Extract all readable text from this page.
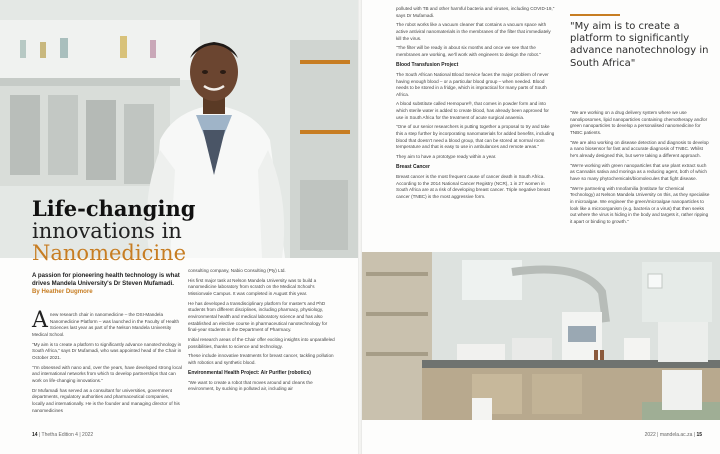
Life-changing
innovations in
Nanomedicine
A passion for pioneering health technology is what drives Mandela University's Dr Steven Mufamadi. By Heather Dugmore

A new research chair in nanomedicine – the DSI-Mandela Nanomedicine Platform – was launched in the Faculty of Health Sciences last year as part of the Nelson Mandela University Medical School.

"My aim is to create a platform to significantly advance nanotechnology in South Africa," says Dr Mufamadi, who was appointed head of the Chair in October 2021.

"I'm obsessed with nano and, over the years, have developed strong local and international networks from which to develop partnerships that can work on life-changing innovations."

Dr Mufamadi has served as a consultant for universities, government departments, regulatory authorities and pharmaceutical companies, locally and internationally. He is the founder and managing director of his nanomedicines

consulting company, Nabio Consulting (Pty) Ltd.

His first major task at Nelson Mandela University was to build a nanomedicine laboratory from scratch on the Medical School's Missionvale Campus. It was completed in August this year.

He has developed a transdisciplinary platform for master's and PhD students from different disciplines, including pharmacy, physiology, environmental health and medical laboratory science and has also established an elective course in pharmaceutical nanotechnology for final-year students in the Department of Pharmacy.

Initial research areas of the Chair offer exciting insights into unparalleled possibilities, thanks to science and technology.

These include innovative treatments for breast cancer, tackling pollution with robotics and synthetic blood.

Environmental Health Project: Air Purifier (robotics)

"We want to create a robot that moves around and cleans the environment, by sucking in polluted air, including air

polluted with TB and other harmful bacteria and viruses, including COVID-19," says Dr Mufamadi.

The robot works like a vacuum cleaner that contains a vacuum space with active antiviral nanomaterials in the membranes of the filter that immediately kill the virus.

"The filter will be ready in about six months and once we see that the membranes are working, we'll work with engineers to design the robot."

Blood Transfusion Project

The South African National Blood Service faces the major problem of never having enough blood – or a particular blood group – when needed. Blood needs to be stored in a fridge, which is impractical for many parts of South Africa.

A blood substitute called Hemopure®, that comes in powder form and into which sterile water is added to create blood, has already been approved for use in South Africa for the treatment of acute surgical anaemia.

"One of our senior researchers is putting together a proposal to try and take this a step further by incorporating nanomaterials for added benefits, including blood that doesn't need a blood group, that can be stored at normal room temperature and that is easy to use in ambulances and remote areas."

They aim to have a prototype ready within a year.

Breast Cancer

Breast cancer is the most frequent cause of cancer death in South Africa. According to the 2014 National Cancer Registry (NCR), 1 in 27 women in South Africa are at a risk of developing breast cancer. Triple negative breast cancer (TNBC) is the most aggressive form.

"My aim is to create a platform to significantly advance nanotechnology in South Africa"

"We are working on a drug delivery system where we use nanoliposomes, lipid nanoparticles containing chemotherapy and/or green nanoparticles to develop a personalised nanomedicine for TNBC patients.

"We are also working on disease detection and diagnosis to develop a nano biosensor for fast and accurate diagnosis of TNBC. Whilst he's already designed this, but we're taking a different approach.

"We're working with green nanoparticles that use plant extract such as Cannabis sativa and moringa as a reducing agent, both of which have so many phytochemicals/biomolecules that fight disease.

"We're partnering with Innofamilia (Institute for Chemical Technology) at Nelson Mandela University on this, as they specialise in microalgae. We engineer the green/microalgae nanoparticles to look like a microorganism (e.g. bacteria or a virus) that then seeks out where the virus is hiding in the body and targets it, rather ripping it apart or binding to growth."

14 | Thetha Edition 4 | 2022	2022 | mandela.ac.za | 15
